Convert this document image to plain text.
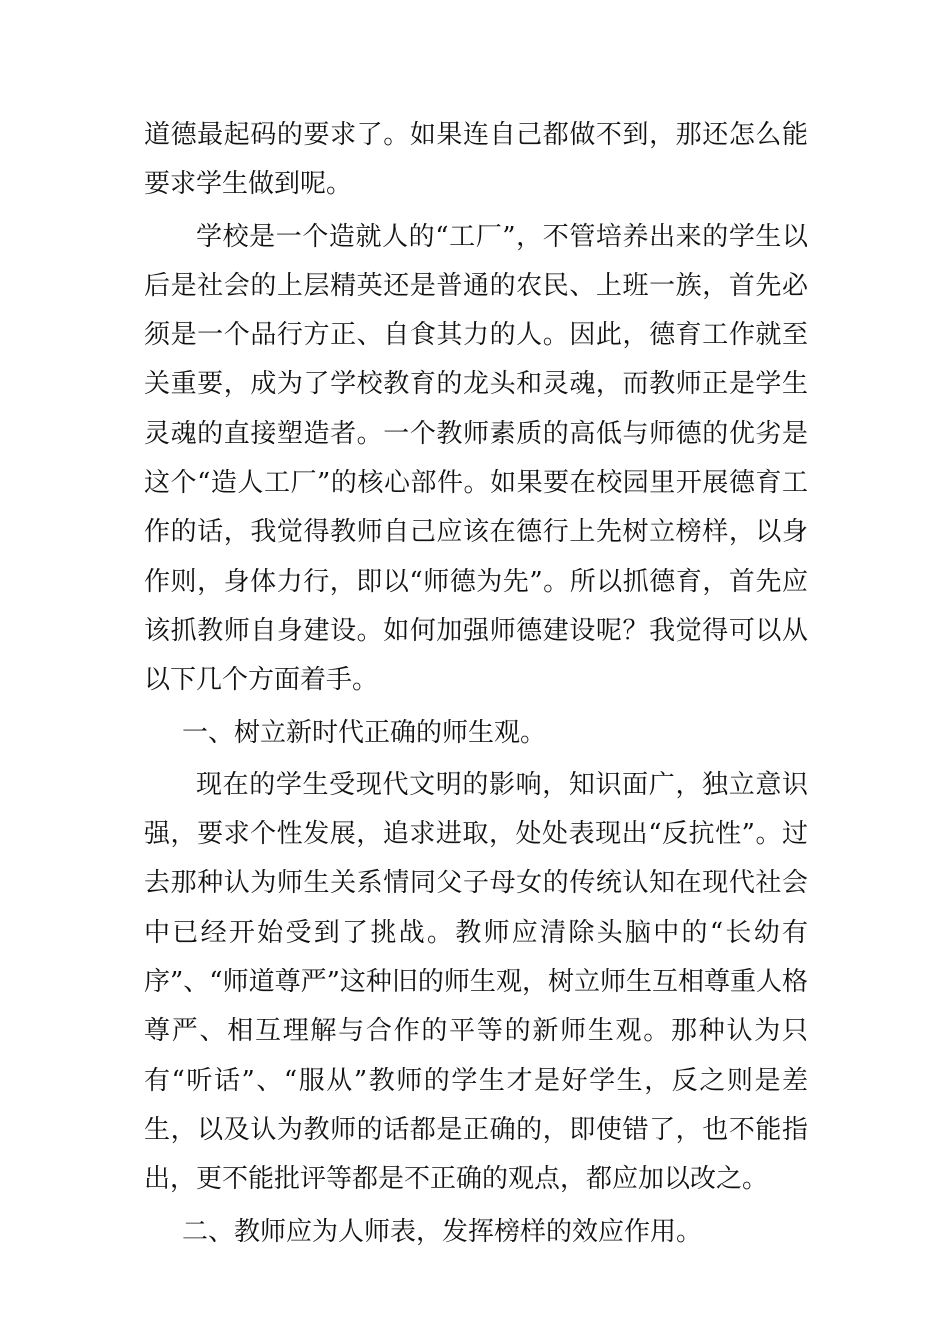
道德最起码的要求了。如果连自己都做不到，那还怎么能要求学生做到呢。

学校是一个造就人的“工厂”，不管培养出来的学生以后是社会的上层精英还是普通的农民、上班一族，首先必须是一个品行方正、自食其力的人。因此，德育工作就至关重要，成为了学校教育的龙头和灵魂，而教师正是学生灵魂的直接塑造者。一个教师素质的高低与师德的优劣是这个“造人工厂”的核心部件。如果要在校园里开展德育工作的话，我觉得教师自己应该在德行上先树立榜样，以身作则，身体力行，即以“师德为先”。所以抓德育，首先应该抓教师自身建设。如何加强师德建设呢？我觉得可以从以下几个方面着手。

一、树立新时代正确的师生观。

现在的学生受现代文明的影响，知识面广，独立意识强，要求个性发展，追求进取，处处表现出“反抗性”。过去那种认为师生关系情同父子母女的传统认知在现代社会中已经开始受到了挑战。教师应清除头脑中的“长幼有序”、“师道尊严”这种旧的师生观，树立师生互相尊重人格尊严、相互理解与合作的平等的新师生观。那种认为只有“听话”、“服从”教师的学生才是好学生，反之则是差生，以及认为教师的话都是正确的，即使错了，也不能指出，更不能批评等都是不正确的观点，都应加以改之。

二、教师应为人师表，发挥榜样的效应作用。
